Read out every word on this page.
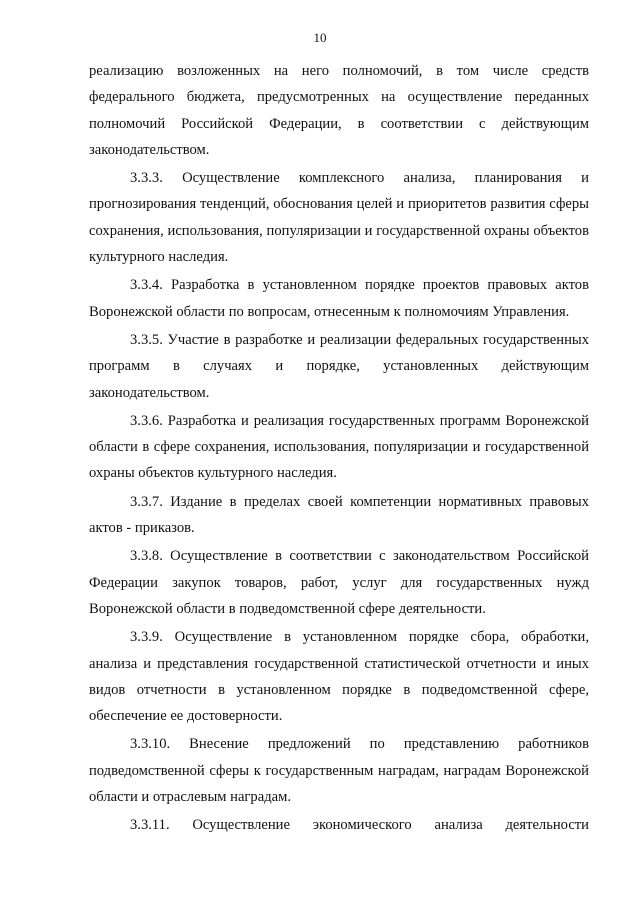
10

реализацию возложенных на него полномочий, в том числе средств федерального бюджета, предусмотренных на осуществление переданных полномочий Российской Федерации, в соответствии с действующим законодательством.

3.3.3. Осуществление комплексного анализа, планирования и прогнозирования тенденций, обоснования целей и приоритетов развития сферы сохранения, использования, популяризации и государственной охраны объектов культурного наследия.

3.3.4. Разработка в установленном порядке проектов правовых актов Воронежской области по вопросам, отнесенным к полномочиям Управления.

3.3.5. Участие в разработке и реализации федеральных государственных программ в случаях и порядке, установленных действующим законодательством.

3.3.6. Разработка и реализация государственных программ Воронежской области в сфере сохранения, использования, популяризации и государственной охраны объектов культурного наследия.

3.3.7. Издание в пределах своей компетенции нормативных правовых актов - приказов.

3.3.8. Осуществление в соответствии с законодательством Российской Федерации закупок товаров, работ, услуг для государственных нужд Воронежской области в подведомственной сфере деятельности.

3.3.9. Осуществление в установленном порядке сбора, обработки, анализа и представления государственной статистической отчетности и иных видов отчетности в установленном порядке в подведомственной сфере, обеспечение ее достоверности.

3.3.10. Внесение предложений по представлению работников подведомственной сферы к государственным наградам, наградам Воронежской области и отраслевым наградам.

3.3.11. Осуществление экономического анализа деятельности
